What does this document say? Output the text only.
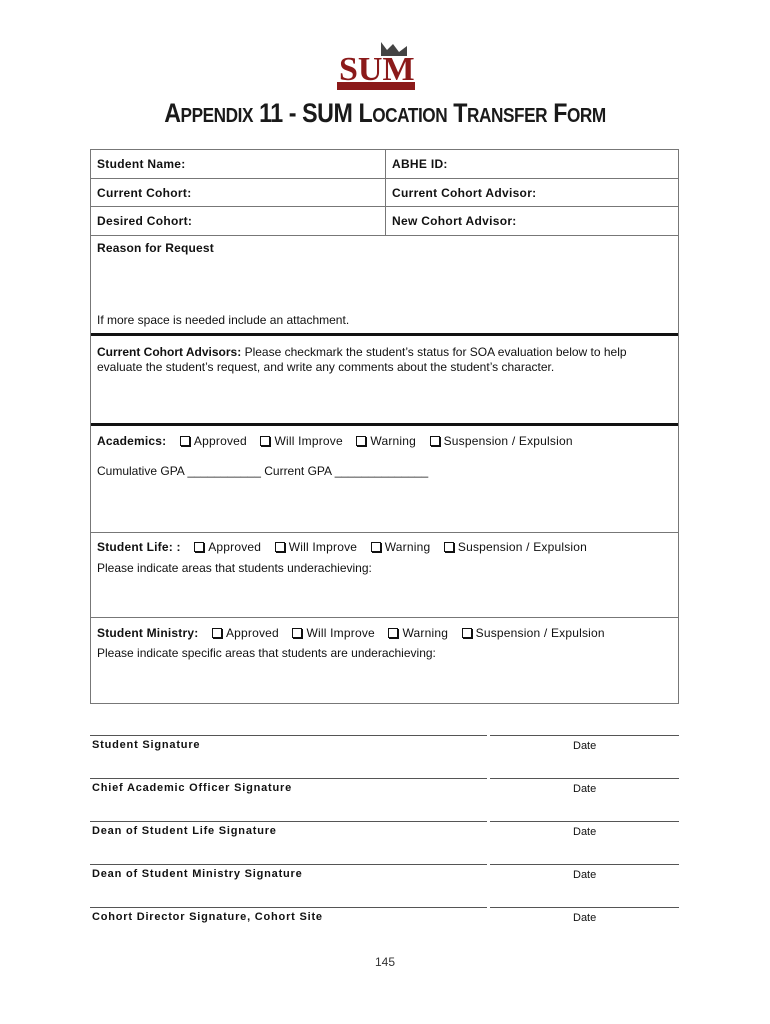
SUM
APPENDIX 11 - SUM LOCATION TRANSFER FORM
Student Name:	ABHE ID:
Current Cohort:	Current Cohort Advisor:
Desired Cohort:	New Cohort Advisor:
Reason for Request
If more space is needed include an attachment.
Current Cohort Advisors: Please checkmark the student’s status for SOA evaluation below to help
evaluate the student’s request, and write any comments about the student’s character.
Academics: Approved Will Improve Warning Suspension / Expulsion
Cumulative GPA ___________ Current GPA ______________
Student Life: : Approved Will Improve Warning Suspension / Expulsion
Please indicate areas that students underachieving:
Student Ministry: Approved Will Improve Warning Suspension / Expulsion
Please indicate specific areas that students are underachieving:
Student Signature	Date
Chief Academic Officer Signature	Date
Dean of Student Life Signature	Date
Dean of Student Ministry Signature	Date
Cohort Director Signature, Cohort Site	Date
145
